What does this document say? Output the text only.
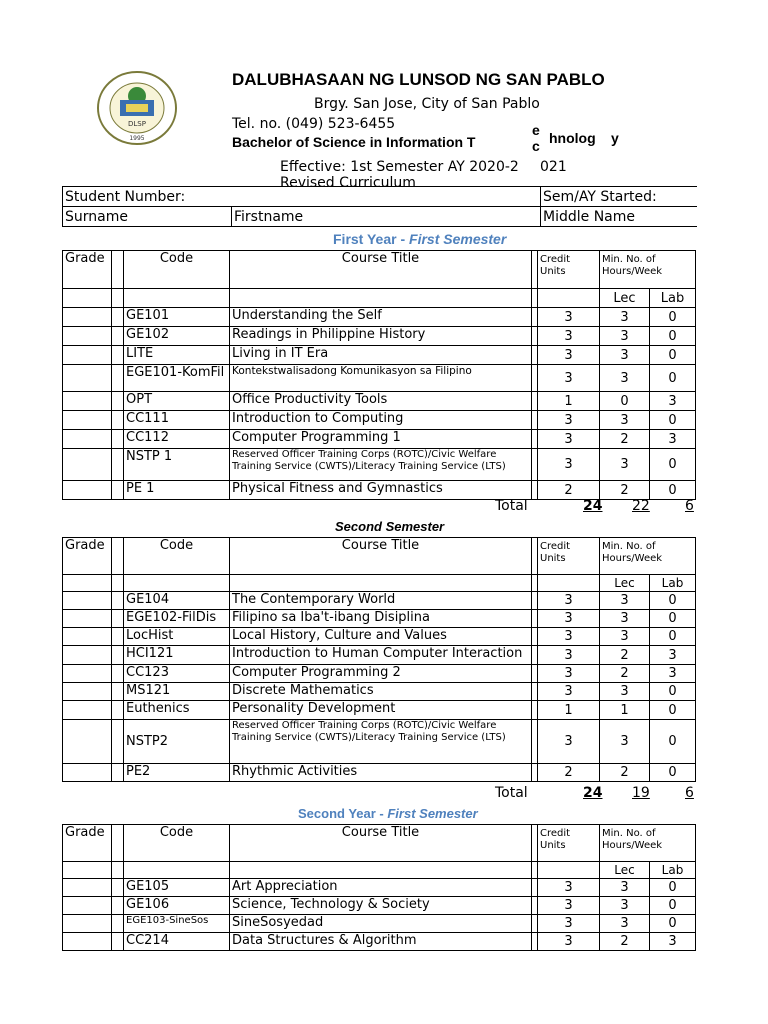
DLSP
1995
DALUBHASAAN NG LUNSOD NG SAN PABLO
Brgy. San Jose, City of San Pablo
Tel. no. (049) 523-6455
Bachelor of Science in Information T
e
c hnolog y
Effective: 1st Semester AY 2020-2 021
Revised Curriculum
Student Number:		Sem/AY Started:
Surname	Firstname	Middle Name
First Year - First Semester
Grade		Code	Course Title		Credit Units	Min. No. of Hours/Week	
						Lec	Lab
		GE101	Understanding the Self		3	3	0
		GE102	Readings in Philippine History		3	3	0
		LITE	Living in IT Era		3	3	0
		EGE101-KomFil	Kontekstwalisadong Komunikasyon sa Filipino		3	3	0
		OPT	Office Productivity Tools		1	0	3
		CC111	Introduction to Computing		3	3	0
		CC112	Computer Programming 1		3	2	3
		NSTP 1	Reserved Officer Training Corps (ROTC)/Civic Welfare Training Service (CWTS)/Literacy Training Service (LTS)		3	3	0
		PE 1	Physical Fitness and Gymnastics		2	2	0
Total	24 22	6
Second Semester
Grade		Code	Course Title		Credit Units	Min. No. of Hours/Week	
						Lec	Lab
		GE104	The Contemporary World		3	3	0
		EGE102-FilDis	Filipino sa Iba't-ibang Disiplina		3	3	0
		LocHist	Local History, Culture and Values		3	3	0
		HCI121	Introduction to Human Computer Interaction		3	2	3
		CC123	Computer Programming 2		3	2	3
		MS121	Discrete Mathematics		3	3	0
		Euthenics	Personality Development		1	1	0
		NSTP2	Reserved Officer Training Corps (ROTC)/Civic Welfare Training Service (CWTS)/Literacy Training Service (LTS)		3	3	0
		PE2	Rhythmic Activities		2	2	0
Total	24 19	6
Second Year - First Semester
Grade		Code	Course Title		Credit Units	Min. No. of Hours/Week	
						Lec	Lab
		GE105	Art Appreciation		3	3	0
		GE106	Science, Technology & Society		3	3	0
		EGE103-SineSos	SineSosyedad		3	3	0
		CC214	Data Structures & Algorithm		3	2	3
